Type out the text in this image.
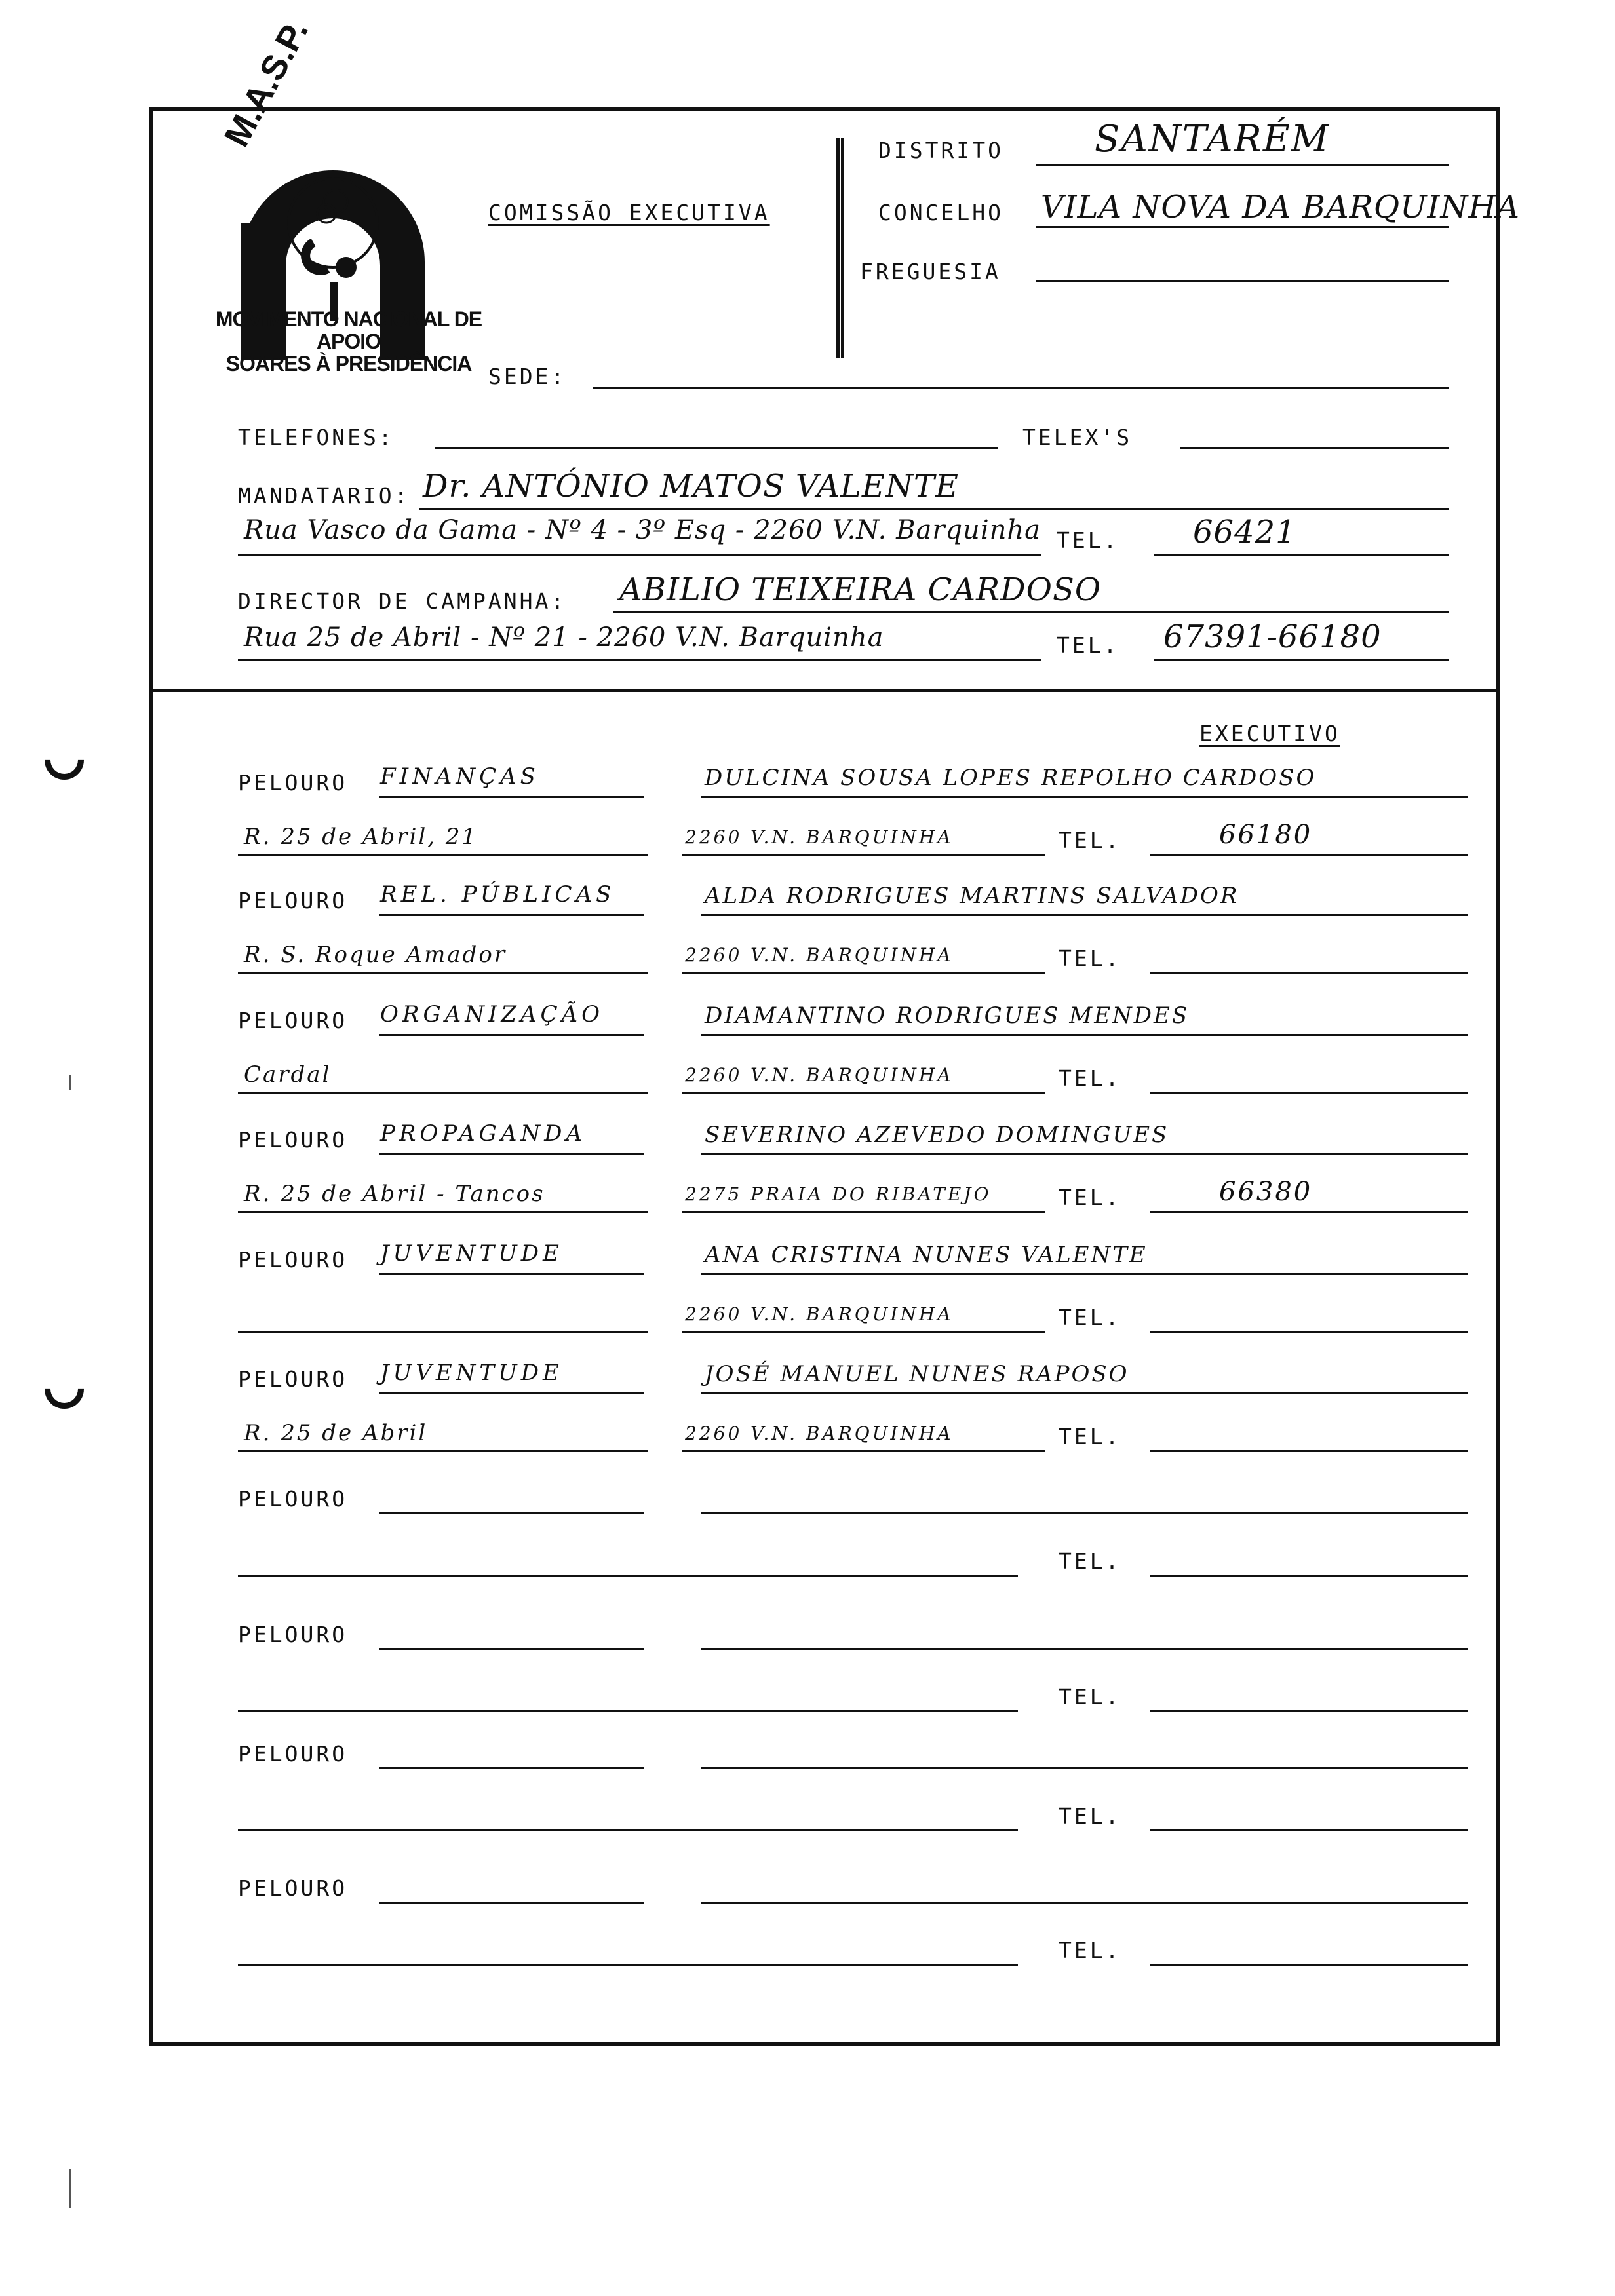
M.A.S.P.
MOVIMENTO NACIONAL DE APOIO
SOARES À PRESIDÊNCIA
COMISSÃO EXECUTIVA
DISTRITO SANTARÉM
CONCELHO VILA NOVA DA BARQUINHA
FREGUESIA
SEDE:
TELEFONES:	TELEX'S
MANDATARIO: Dr. ANTÓNIO MATOS VALENTE
Rua Vasco da Gama - Nº 4 - 3º Esq - 2260 V.N. Barquinha TEL. 66421
DIRECTOR DE CAMPANHA: ABILIO TEIXEIRA CARDOSO
Rua 25 de Abril - Nº 21 - 2260 V.N. Barquinha	TEL. 67391-66180
EXECUTIVO
PELOURO FINANÇAS	DULCINA SOUSA LOPES REPOLHO CARDOSO
R. 25 de Abril, 21	2260 V.N. BARQUINHA	TEL.	66180
PELOURO REL. PÚBLICAS	ALDA RODRIGUES MARTINS SALVADOR
R. S. Roque Amador	2260 V.N. BARQUINHA	TEL.
PELOURO ORGANIZAÇÃO	DIAMANTINO RODRIGUES MENDES
Cardal	2260 V.N. BARQUINHA	TEL.
PELOURO PROPAGANDA	SEVERINO AZEVEDO DOMINGUES
R. 25 de Abril - Tancos	2275 PRAIA DO RIBATEJO	TEL.	66380
PELOURO JUVENTUDE	ANA CRISTINA NUNES VALENTE
2260 V.N. BARQUINHA	TEL.
PELOURO JUVENTUDE	JOSÉ MANUEL NUNES RAPOSO
R. 25 de Abril	2260 V.N. BARQUINHA	TEL.
PELOURO
TEL.
PELOURO
TEL.
PELOURO
TEL.
PELOURO
TEL.
